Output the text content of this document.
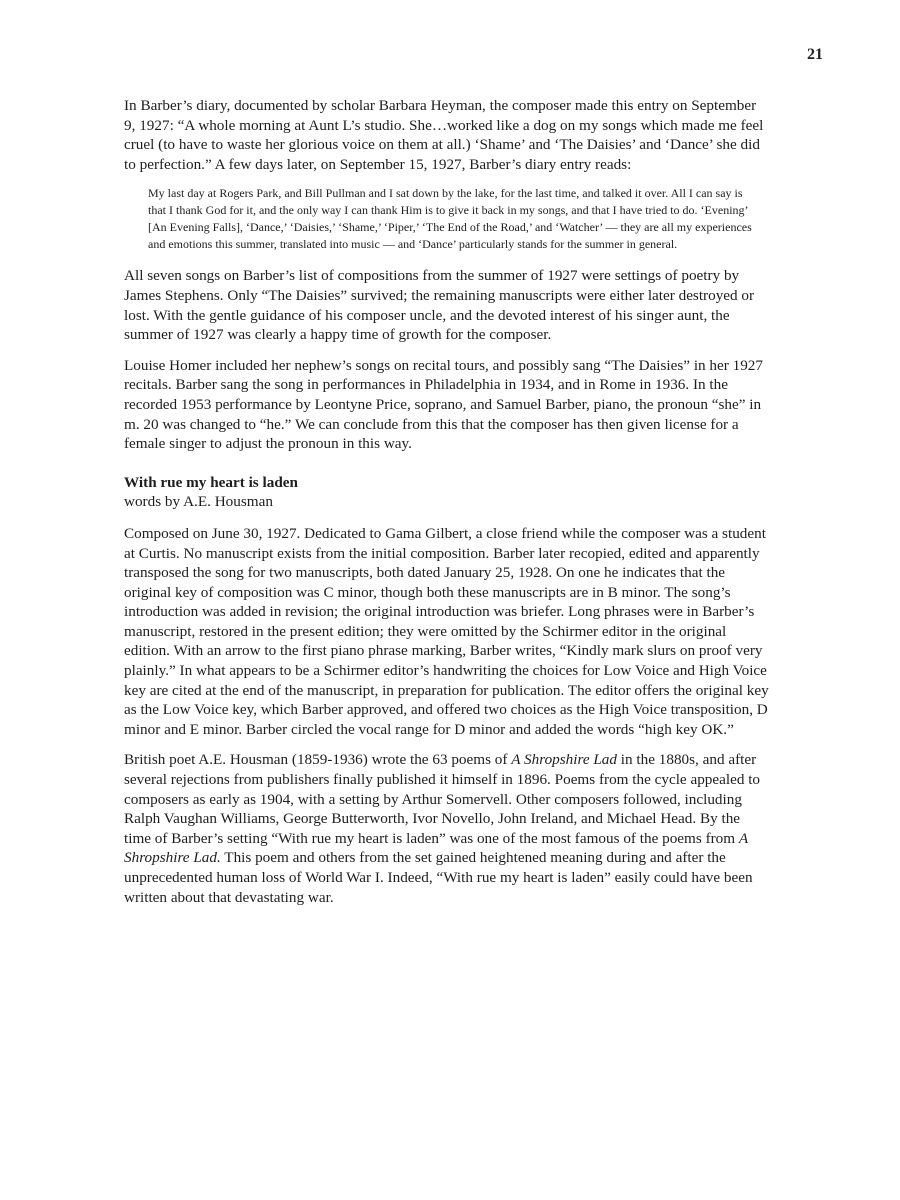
21

In Barber’s diary, documented by scholar Barbara Heyman, the composer made this entry on September 9, 1927: “A whole morning at Aunt L’s studio. She…worked like a dog on my songs which made me feel cruel (to have to waste her glorious voice on them at all.) ‘Shame’ and ‘The Daisies’ and ‘Dance’ she did to perfection.” A few days later, on September 15, 1927, Barber’s diary entry reads:

My last day at Rogers Park, and Bill Pullman and I sat down by the lake, for the last time, and talked it over. All I can say is that I thank God for it, and the only way I can thank Him is to give it back in my songs, and that I have tried to do. ‘Evening’ [An Evening Falls], ‘Dance,’ ‘Daisies,’ ‘Shame,’ ‘Piper,’ ‘The End of the Road,’ and ‘Watcher’ — they are all my experiences and emotions this summer, translated into music — and ‘Dance’ particularly stands for the summer in general.

All seven songs on Barber’s list of compositions from the summer of 1927 were settings of poetry by James Stephens. Only “The Daisies” survived; the remaining manuscripts were either later destroyed or lost. With the gentle guidance of his composer uncle, and the devoted interest of his singer aunt, the summer of 1927 was clearly a happy time of growth for the composer.

Louise Homer included her nephew’s songs on recital tours, and possibly sang “The Daisies” in her 1927 recitals. Barber sang the song in performances in Philadelphia in 1934, and in Rome in 1936. In the recorded 1953 performance by Leontyne Price, soprano, and Samuel Barber, piano, the pronoun “she” in m. 20 was changed to “he.” We can conclude from this that the composer has then given license for a female singer to adjust the pronoun in this way.

With rue my heart is laden
words by A.E. Housman

Composed on June 30, 1927. Dedicated to Gama Gilbert, a close friend while the composer was a student at Curtis. No manuscript exists from the initial composition. Barber later recopied, edited and apparently transposed the song for two manuscripts, both dated January 25, 1928. On one he indicates that the original key of composition was C minor, though both these manuscripts are in B minor. The song’s introduction was added in revision; the original introduction was briefer. Long phrases were in Barber’s manuscript, restored in the present edition; they were omitted by the Schirmer editor in the original edition. With an arrow to the first piano phrase marking, Barber writes, “Kindly mark slurs on proof very plainly.” In what appears to be a Schirmer editor’s handwriting the choices for Low Voice and High Voice key are cited at the end of the manuscript, in preparation for publication. The editor offers the original key as the Low Voice key, which Barber approved, and offered two choices as the High Voice transposition, D minor and E minor. Barber circled the vocal range for D minor and added the words “high key OK.”

British poet A.E. Housman (1859-1936) wrote the 63 poems of A Shropshire Lad in the 1880s, and after several rejections from publishers finally published it himself in 1896. Poems from the cycle appealed to composers as early as 1904, with a setting by Arthur Somervell. Other composers followed, including Ralph Vaughan Williams, George Butterworth, Ivor Novello, John Ireland, and Michael Head. By the time of Barber’s setting “With rue my heart is laden” was one of the most famous of the poems from A Shropshire Lad. This poem and others from the set gained heightened meaning during and after the unprecedented human loss of World War I. Indeed, “With rue my heart is laden” easily could have been written about that devastating war.
